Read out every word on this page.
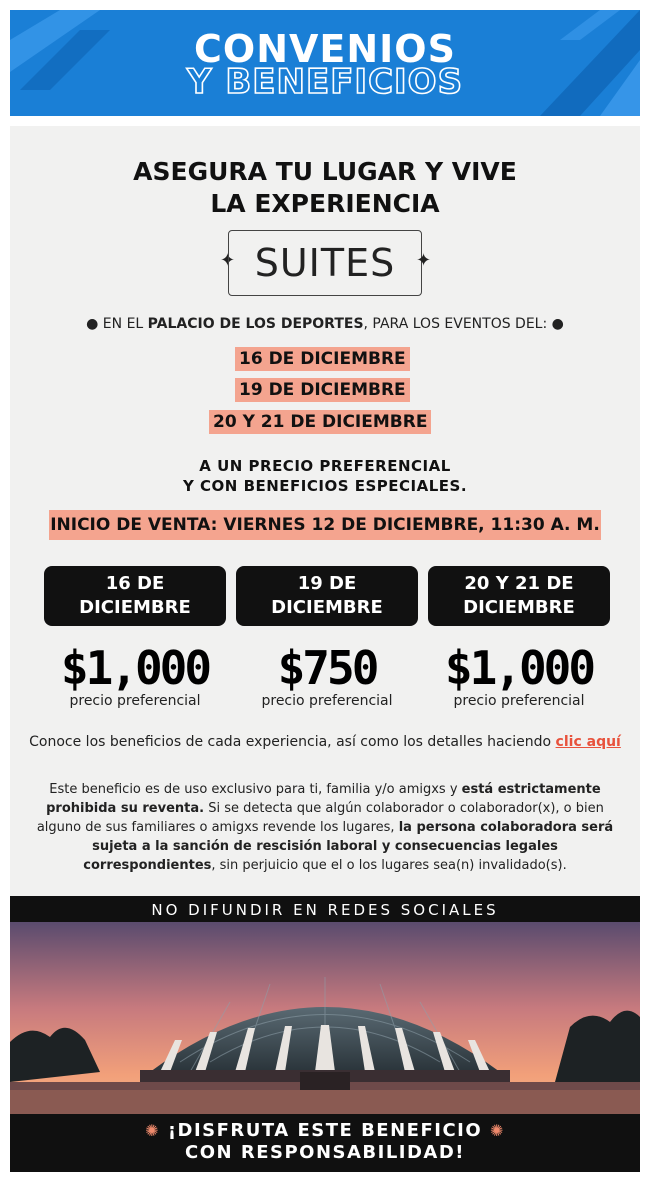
CONVENIOS
Y BENEFICIOS
ASEGURA TU LUGAR Y VIVE
LA EXPERIENCIA
✦ SUITES	✦
● EN EL PALACIO DE LOS DEPORTES, PARA LOS EVENTOS DEL: ●
16 DE DICIEMBRE
19 DE DICIEMBRE
20 Y 21 DE DICIEMBRE
A UN PRECIO PREFERENCIAL
Y CON BENEFICIOS ESPECIALES.
INICIO DE VENTA: VIERNES 12 DE DICIEMBRE, 11:30 A. M.
16 DE
DICIEMBRE
$1,000
precio preferencial
19 DE
DICIEMBRE
$750
precio preferencial
20 Y 21 DE
DICIEMBRE
$1,000
precio preferencial
Conoce los beneficios de cada experiencia, así como los detalles haciendo clic aquí
Este beneficio es de uso exclusivo para ti, familia y/o amigxs y está estrictamente prohibida su reventa. Si se detecta que algún colaborador o colaborador(x), o bien alguno de sus familiares o amigxs revende los lugares, la persona colaboradora será sujeta a la sanción de rescisión laboral y consecuencias legales correspondientes, sin perjuicio que el o los lugares sea(n) invalidado(s).
NO DIFUNDIR EN REDES SOCIALES
✺ ¡DISFRUTA ESTE BENEFICIO ✺
CON RESPONSABILIDAD!
